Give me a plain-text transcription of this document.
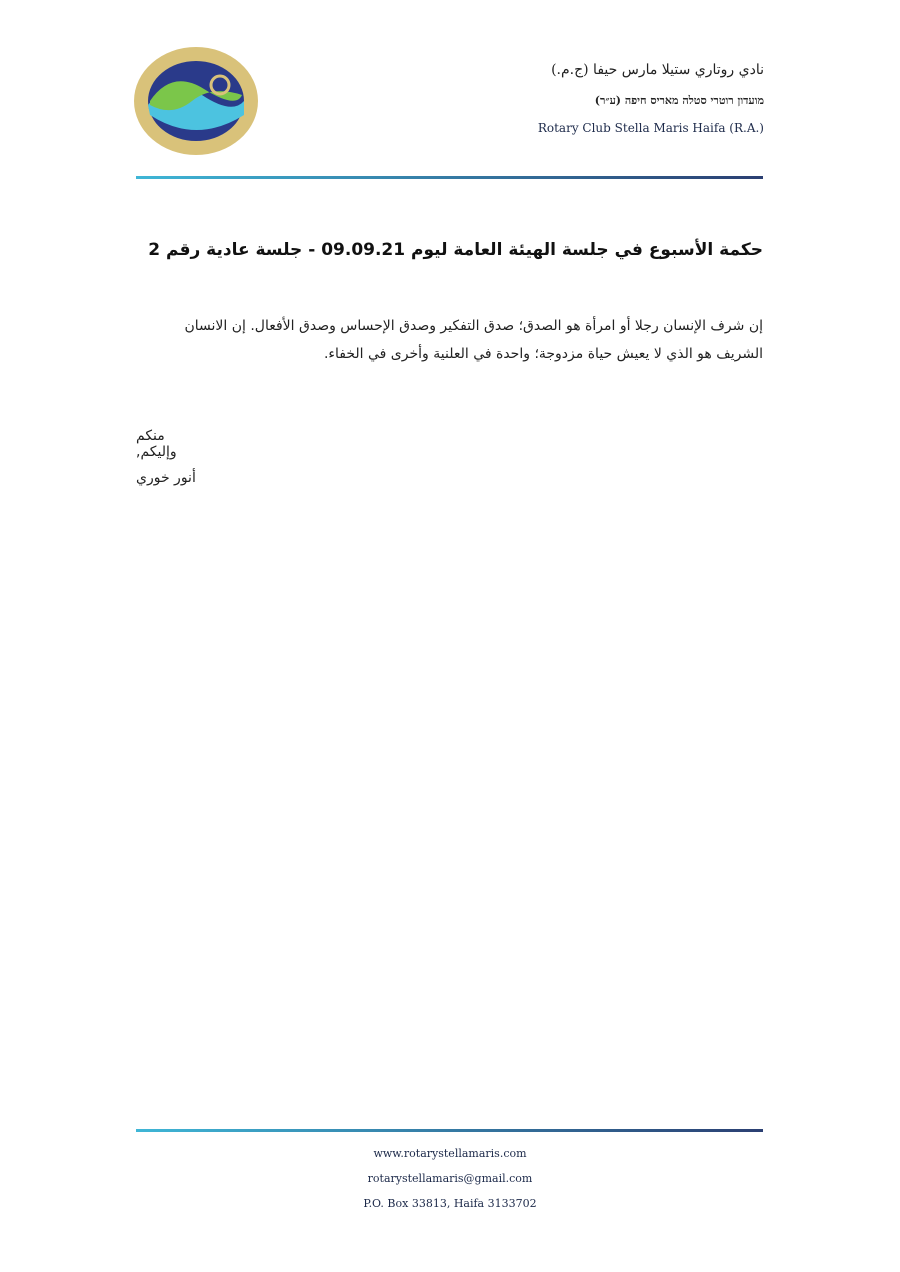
نادي روتاري ستيلا مارس حيفا (ج.م.)
מועדון רוטרי סטלה מאריס חיפה (ע״ר)
Rotary Club Stella Maris Haifa (R.A.)
حكمة الأسبوع في جلسة الهيئة العامة ليوم 09.09.21 - جلسة عادية رقم 2
إن شرف الإنسان رجلا أو امرأة هو الصدق؛ صدق التفكير وصدق الإحساس وصدق الأفعال. إن الانسان الشريف هو الذي لا يعيش حياة مزدوجة؛ واحدة في العلنية وأخرى في الخفاء.
منكم وإليكم,
أنور خوري
www.rotarystellamaris.com
rotarystellamaris@gmail.com
P.O. Box 33813, Haifa 3133702
